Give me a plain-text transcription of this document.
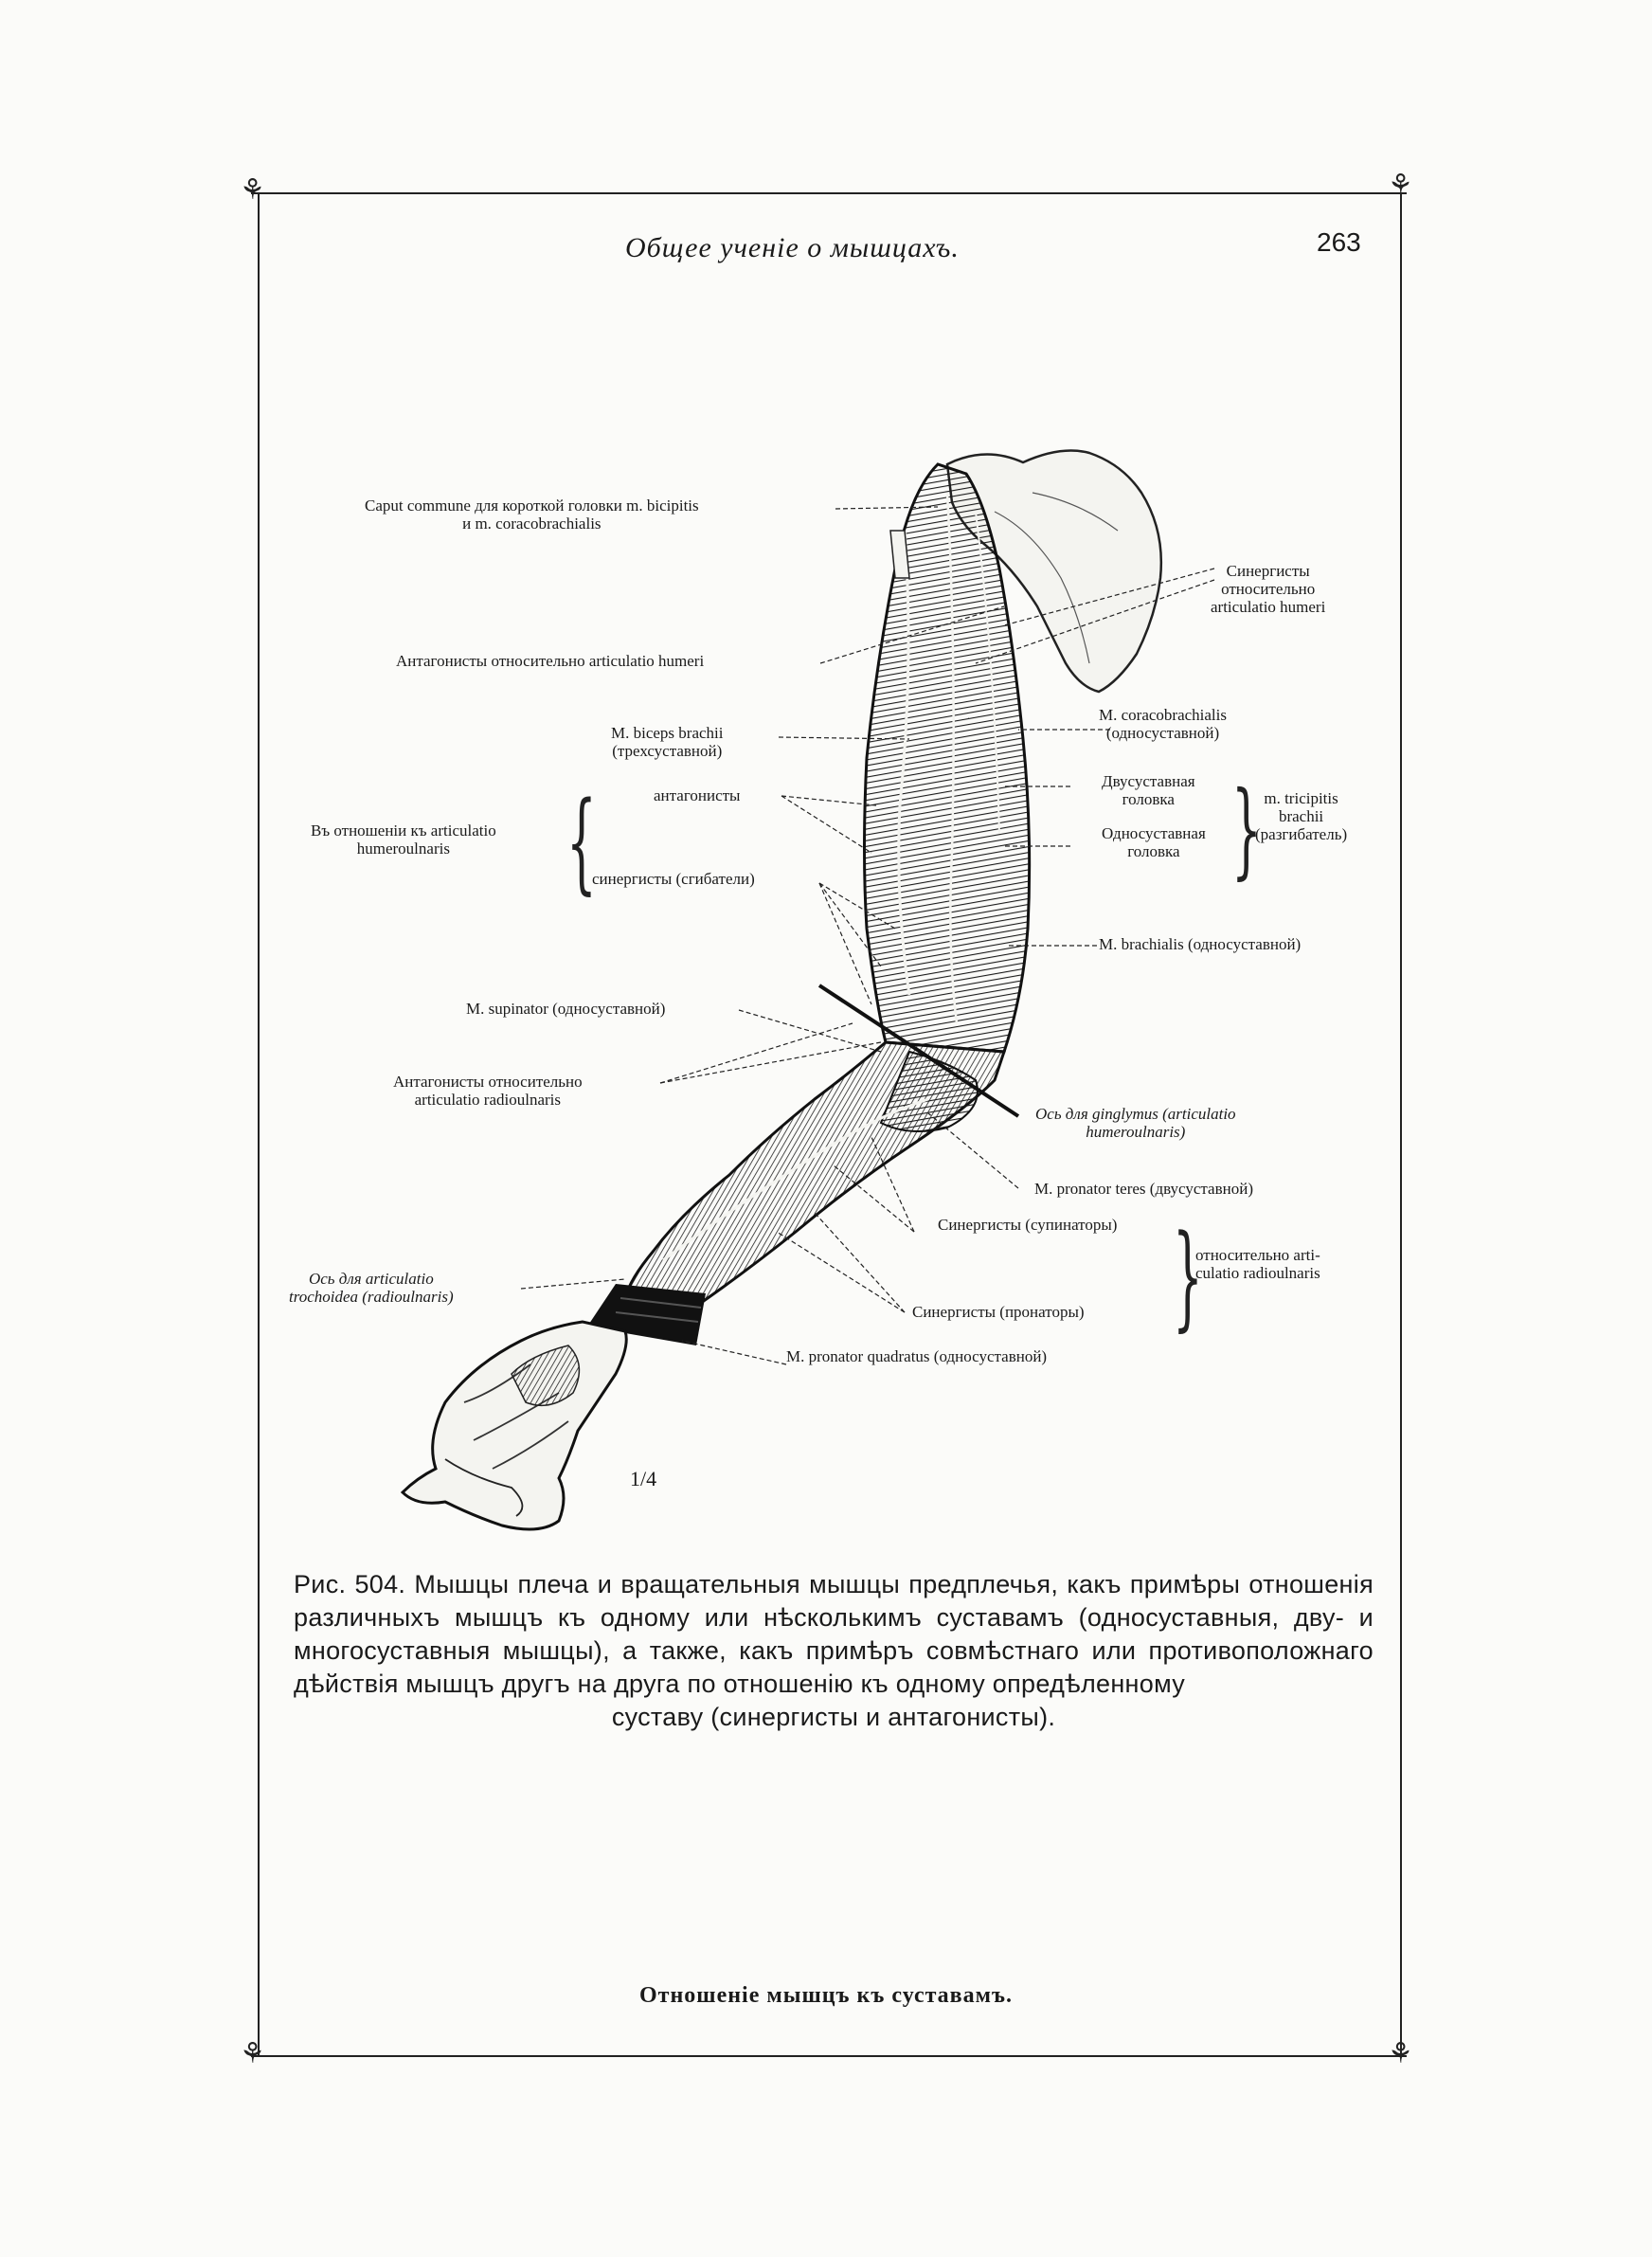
⚘	⚘
⚘	⚘
Общее ученіе о мышцахъ.	263
Caput commune для короткой головки m. bicipitis
и m. coracobrachialis
Синергисты
относительно
articulatio humeri
Антагонисты относительно articulatio humeri
M. biceps brachii
(трехсуставной)
M. coracobrachialis
(односуставной)
Въ отношеніи къ articulatio
humeroulnaris	{	антагонисты
синергисты (сгибатели)
Двусуставная
головка
Односуставная
головка	} m. tricipitis
brachii
(разгибатель)
M. brachialis (односуставной)
M. supinator (односуставной)
Антагонисты относительно
articulatio radioulnaris
Ось для ginglymus (articulatio
humeroulnaris)
M. pronator teres (двусуставной)
Синергисты (супинаторы)
Синергисты (пронаторы) }
относительно arti-
culatio radioulnaris
Ось для articulatio
trochoidea (radioulnaris)
M. pronator quadratus (односуставной)
1/4
Рис. 504. Мышцы плеча и вращательныя мышцы предплечья, какъ примѣры отношенія различныхъ мышцъ къ одному или нѣсколькимъ суставамъ (односуставныя, дву- и многосуставныя мышцы), а также, какъ примѣръ совмѣстнаго или противоположнаго дѣйствія мышцъ другъ на друга по отношенію къ одному опредѣленному
суставу (синергисты и антагонисты).
Отношеніе мышцъ къ суставамъ.
